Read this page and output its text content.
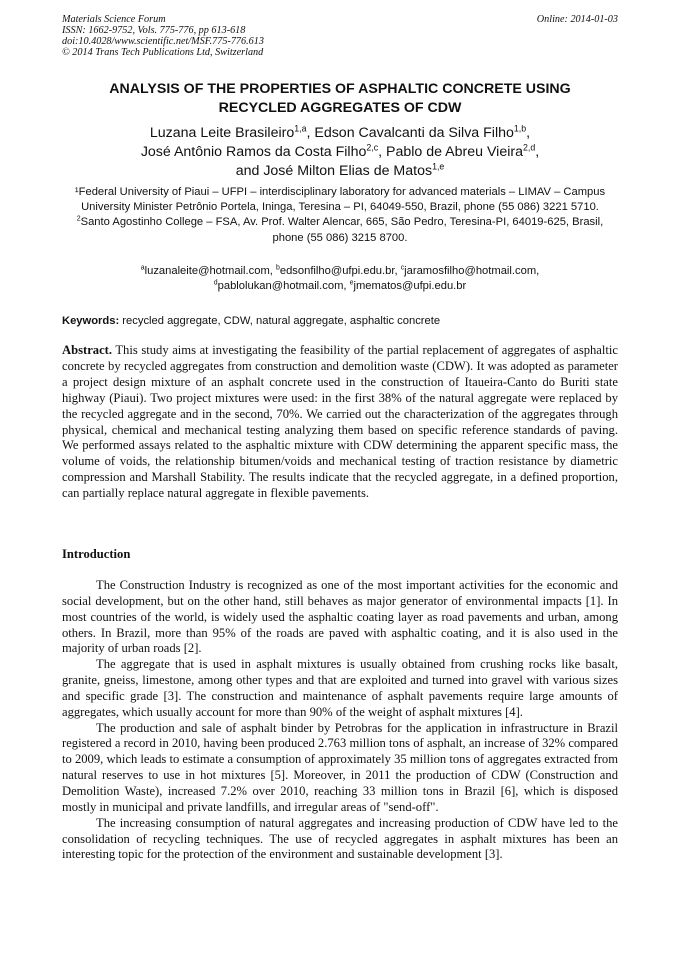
Materials Science Forum
ISSN: 1662-9752, Vols. 775-776, pp 613-618
doi:10.4028/www.scientific.net/MSF.775-776.613
© 2014 Trans Tech Publications Ltd, Switzerland
Online: 2014-01-03
ANALYSIS OF THE PROPERTIES OF ASPHALTIC CONCRETE USING
RECYCLED AGGREGATES OF CDW
Luzana Leite Brasileiro$^{1,a}$, Edson Cavalcanti da Silva Filho$^{1,b}$,
José Antônio Ramos da Costa Filho$^{2,c}$, Pablo de Abreu Vieira$^{2,d}$,
and José Milton Elias de Matos$^{1,e}$
¹Federal University of Piaui – UFPI – interdisciplinary laboratory for advanced materials – LIMAV – Campus University Minister Petrônio Portela, Ininga, Teresina – PI, 64049-550, Brazil, phone (55 086) 3221 5710.
$^2$Santo Agostinho College – FSA, Av. Prof. Walter Alencar, 665, São Pedro, Teresina-PI, 64019-625, Brasil, phone (55 086) 3215 8700.
$^a$luzanaleite@hotmail.com, $^b$edsonfilho@ufpi.edu.br, $^c$jaramosfilho@hotmail.com,
$^d$pablolukan@hotmail.com, $^e$jmematos@ufpi.edu.br
Keywords: recycled aggregate, CDW, natural aggregate, asphaltic concrete
Abstract. This study aims at investigating the feasibility of the partial replacement of aggregates of asphaltic concrete by recycled aggregates from construction and demolition waste (CDW). It was adopted as parameter a project design mixture of an asphalt concrete used in the construction of Itaueira-Canto do Buriti state highway (Piaui). Two project mixtures were used: in the first 38% of the natural aggregate were replaced by the recycled aggregate and in the second, 70%. We carried out the characterization of the aggregates through physical, chemical and mechanical testing analyzing them based on specific reference standards of paving. We performed assays related to the asphaltic mixture with CDW determining the apparent specific mass, the volume of voids, the relationship bitumen/voids and mechanical testing of traction resistance by diametric compression and Marshall Stability. The results indicate that the recycled aggregate, in a defined proportion, can partially replace natural aggregate in flexible pavements.
Introduction

The Construction Industry is recognized as one of the most important activities for the economic and social development, but on the other hand, still behaves as major generator of environmental impacts [1]. In most countries of the world, is widely used the asphaltic coating layer as road pavements and urban, among others. In Brazil, more than 95% of the roads are paved with asphaltic coating, and it is also used in the majority of urban roads [2].

The aggregate that is used in asphalt mixtures is usually obtained from crushing rocks like basalt, granite, gneiss, limestone, among other types and that are exploited and turned into gravel with various sizes and specific grade [3]. The construction and maintenance of asphalt pavements require large amounts of aggregates, which usually account for more than 90% of the weight of asphalt mixtures [4].

The production and sale of asphalt binder by Petrobras for the application in infrastructure in Brazil registered a record in 2010, having been produced 2.763 million tons of asphalt, an increase of 32% compared to 2009, which leads to estimate a consumption of approximately 35 million tons of aggregates extracted from natural reserves to use in hot mixtures [5]. Moreover, in 2011 the production of CDW (Construction and Demolition Waste), increased 7.2% over 2010, reaching 33 million tons in Brazil [6], which is disposed mostly in municipal and private landfills, and irregular areas of "send-off".

The increasing consumption of natural aggregates and increasing production of CDW have led to the consolidation of recycling techniques. The use of recycled aggregates in asphalt mixtures has been an interesting topic for the protection of the environment and sustainable development [3].
